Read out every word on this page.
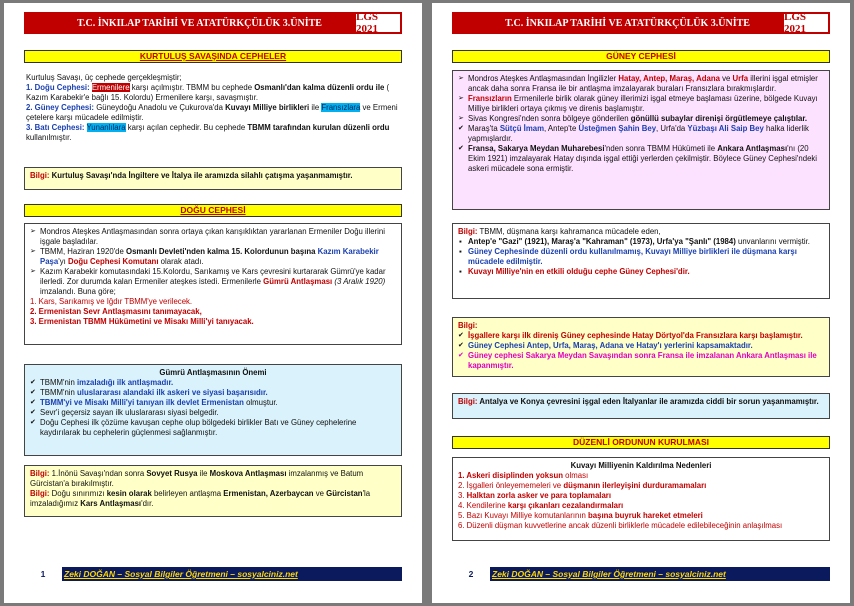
T.C. İNKILAP TARİHİ VE ATATÜRKÇÜLÜK 3.ÜNİTE	LGS 2021
KURTULUŞ SAVAŞINDA CEPHELER
Kurtuluş Savaşı, üç cephede gerçekleşmiştir;
1. Doğu Cephesi: Ermenilere karşı açılmıştır. TBMM bu cephede Osmanlı'dan kalma düzenli ordu ile ( Kazım Karabekir'e bağlı 15. Kolordu) Ermenilere karşı, savaşmıştır.
2. Güney Cephesi: Güneydoğu Anadolu ve Çukurova'da Kuvayı Milliye birlikleri ile Fransızlara ve Ermeni çetelere karşı mücadele edilmiştir.
3. Batı Cephesi: Yunanlılara karşı açılan cephedir. Bu cephede TBMM tarafından kurulan düzenli ordu kullanılmıştır.
Bilgi: Kurtuluş Savaşı'nda İngiltere ve İtalya ile aramızda silahlı çatışma yaşanmamıştır.
DOĞU CEPHESİ
➢ Mondros Ateşkes Antlaşmasından sonra ortaya çıkan karışıklıktan yararlanan Ermeniler Doğu illerini işgale başladılar.
➢ TBMM, Haziran 1920'de Osmanlı Devleti'nden kalma 15. Kolordunun başına Kazım Karabekir Paşa'yı Doğu Cephesi Komutanı olarak atadı.
➢ Kazım Karabekir komutasındaki 15.Kolordu, Sarıkamış ve Kars çevresini kurtararak Gümrü'ye kadar ilerledi. Zor durumda kalan Ermeniler ateşkes istedi. Ermenilerle Gümrü Antlaşması (3 Aralık 1920) imzalandı. Buna göre;
1. Kars, Sarıkamış ve Iğdır TBMM'ye verilecek.
2. Ermenistan Sevr Antlaşmasını tanımayacak,
3. Ermenistan TBMM Hükümetini ve Misakı Milli'yi tanıyacak.
Gümrü Antlaşmasının Önemi
✔ TBMM'nin imzaladığı ilk antlaşmadır.
✔ TBMM'nin uluslararası alandaki ilk askeri ve siyasi başarısıdır.
✔ TBMM'yi ve Misakı Milli'yi tanıyan ilk devlet Ermenistan olmuştur.
✔ Sevr'i geçersiz sayan ilk uluslararası siyasi belgedir.
✔ Doğu Cephesi ilk çözüme kavuşan cephe olup bölgedeki birlikler Batı ve Güney cephelerine kaydırılarak bu cephelerin güçlenmesi sağlanmıştır.
Bilgi: 1.İnönü Savaşı'ndan sonra Sovyet Rusya ile Moskova Antlaşması imzalanmış ve Batum Gürcistan'a bırakılmıştır.
Bilgi: Doğu sınırımızı kesin olarak belirleyen antlaşma Ermenistan, Azerbaycan ve Gürcistan'la imzaladığımız Kars Antlaşması'dır.
1	Zeki DOĞAN – Sosyal Bilgiler Öğretmeni – sosyalciniz.net
T.C. İNKILAP TARİHİ VE ATATÜRKÇÜLÜK 3.ÜNİTE	LGS 2021
GÜNEY CEPHESİ
➢ Mondros Ateşkes Antlaşmasından İngilizler Hatay, Antep, Maraş, Adana ve Urfa illerini işgal etmişler ancak daha sonra Fransa ile bir antlaşma imzalayarak buraları Fransızlara bırakmışlardır.
➢ Fransızların Ermenilerle birlik olarak güney illerimizi işgal etmeye başlaması üzerine, bölgede Kuvayı Milliye birlikleri ortaya çıkmış ve direnis başlamıştır.
➢ Sivas Kongresi'nden sonra bölgeye gönderilen gönüllü subaylar direnişi örgütlemeye çalıştılar.
✔ Maraş'ta Sütçü İmam, Antep'te Üsteğmen Şahin Bey, Urfa'da Yüzbaşı Ali Saip Bey halka liderlik yapmışlardır.
✔ Fransa, Sakarya Meydan Muharebesi'nden sonra TBMM Hükümeti ile Ankara Antlaşması'nı (20 Ekim 1921) imzalayarak Hatay dışında işgal ettiği yerlerden çekilmiştir. Böylece Güney Cephesi'ndeki askeri mücadele sona ermiştir.
Bilgi: TBMM, düşmana karşı kahramanca mücadele eden,
▪ Antep'e "Gazi" (1921), Maraş'a "Kahraman" (1973), Urfa'ya "Şanlı" (1984) unvanlarını vermiştir.
▪ Güney Cephesinde düzenli ordu kullanılmamış, Kuvayı Milliye birlikleri ile düşmana karşı mücadele edilmiştir.
▪ Kuvayı Milliye'nin en etkili olduğu cephe Güney Cephesi'dir.
Bilgi:
✔ İşgallere karşı ilk direniş Güney cephesinde Hatay Dörtyol'da Fransızlara karşı başlamıştır.
✔ Güney Cephesi Antep, Urfa, Maraş, Adana ve Hatay'ı yerlerini kapsamaktadır.
✔ Güney cephesi Sakarya Meydan Savaşından sonra Fransa ile imzalanan Ankara Antlaşması ile kapanmıştır.
Bilgi: Antalya ve Konya çevresini işgal eden İtalyanlar ile aramızda ciddi bir sorun yaşanmamıştır.
DÜZENLİ ORDUNUN KURULMASI
Kuvayı Milliyenin Kaldırılma Nedenleri
1. Askeri disiplinden yoksun olması
2. İşgalleri önleyememeleri ve düşmanın ilerleyişini durduramamaları
3. Halktan zorla asker ve para toplamaları
4. Kendilerine karşı çıkanları cezalandırmaları
5. Bazı Kuvayı Milliye komutanlarının başına buyruk hareket etmeleri
6. Düzenli düşman kuvvetlerine ancak düzenli birliklerle mücadele edilebileceğinin anlaşılması
2	Zeki DOĞAN – Sosyal Bilgiler Öğretmeni – sosyalciniz.net
